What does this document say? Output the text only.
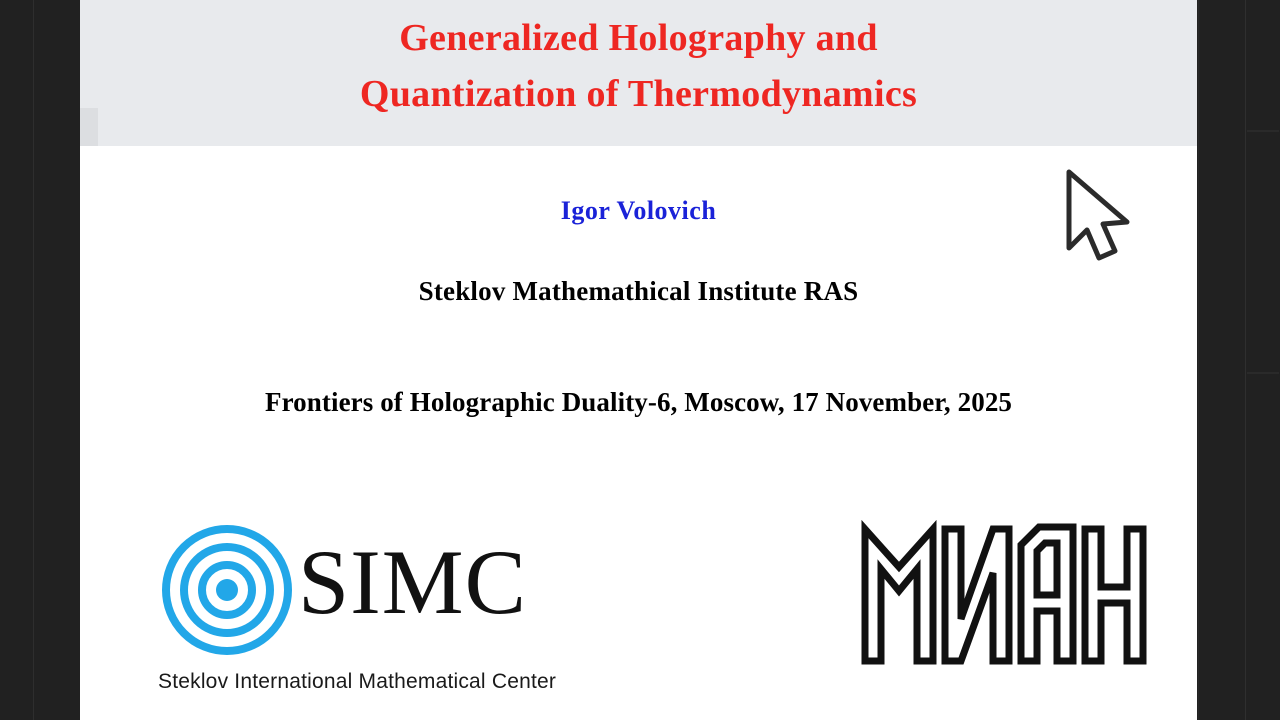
Generalized Holography and
Quantization of Thermodynamics
Igor Volovich
Steklov Mathemathical Institute RAS
Frontiers of Holographic Duality-6, Moscow, 17 November, 2025
SIMC
Steklov International Mathematical Center
